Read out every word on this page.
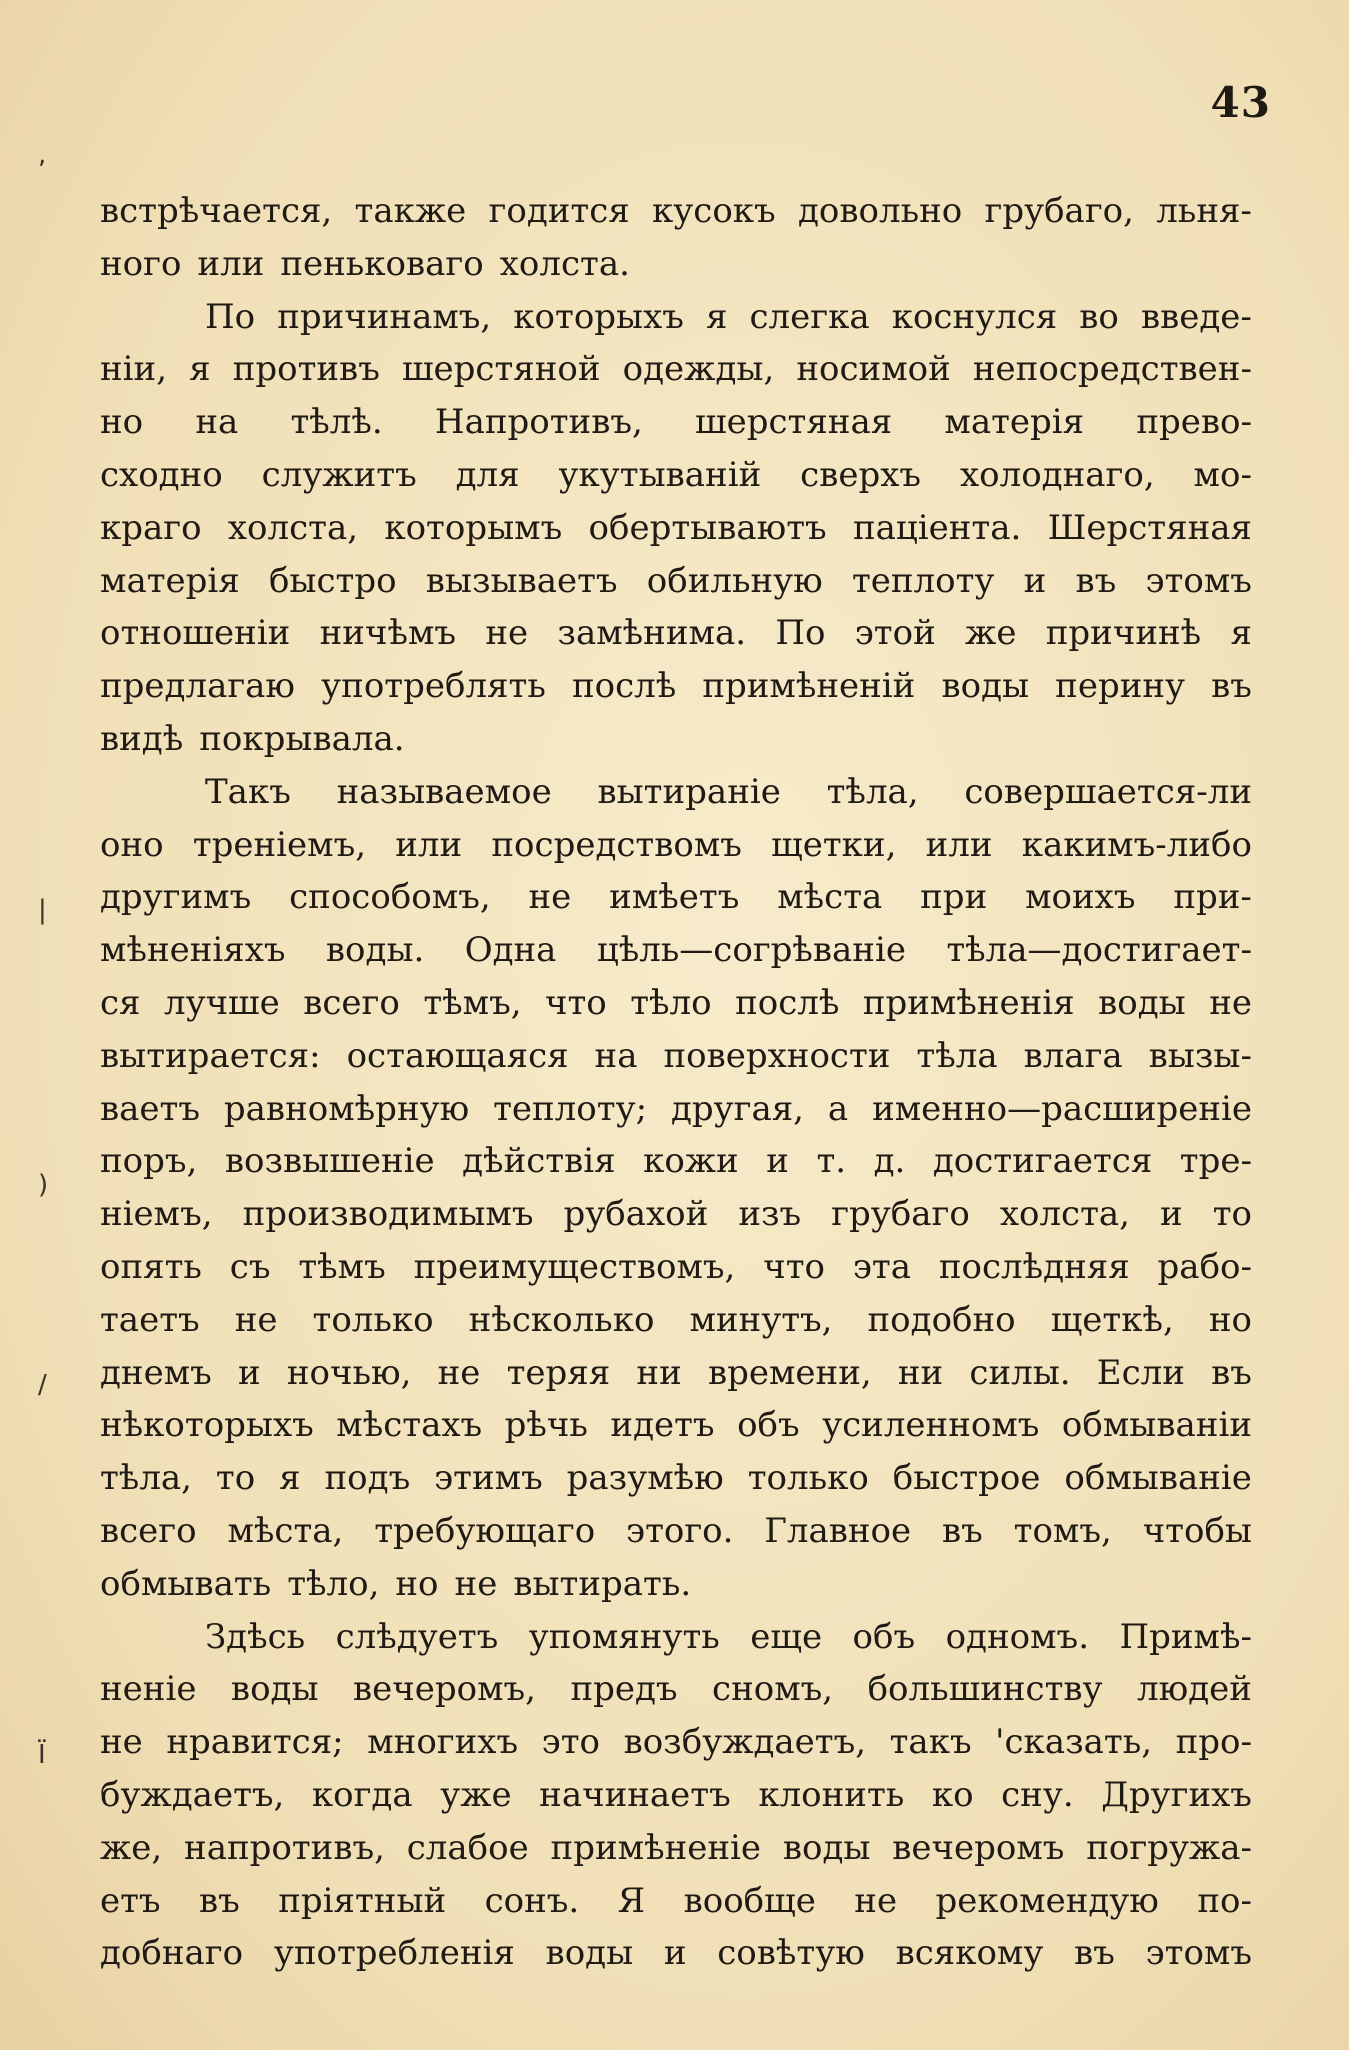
43
,
|
)
/
Ï
встрѣчается, также годится кусокъ довольно грубаго, льня-
ного или пеньковаго холста.
По причинамъ, которыхъ я слегка коснулся во введе-
ніи, я противъ шерстяной одежды, носимой непосредствен-
но на тѣлѣ. Напротивъ, шерстяная матерія прево-
сходно служитъ для укутываній сверхъ холоднаго, мо-
краго холста, которымъ обертываютъ паціента. Шерстяная
матерія быстро вызываетъ обильную теплоту и въ этомъ
отношеніи ничѣмъ не замѣнима. По этой же причинѣ я
предлагаю употреблять послѣ примѣненій воды перину въ
видѣ покрывала.
Такъ называемое вытираніе тѣла, совершается-ли
оно треніемъ, или посредствомъ щетки, или какимъ-либо
другимъ способомъ, не имѣетъ мѣста при моихъ при-
мѣненіяхъ воды. Одна цѣль—согрѣваніе тѣла—достигает-
ся лучше всего тѣмъ, что тѣло послѣ примѣненія воды не
вытирается: остающаяся на поверхности тѣла влага вызы-
ваетъ равномѣрную теплоту; другая, а именно—расширеніе
поръ, возвышеніе дѣйствія кожи и т. д. достигается тре-
ніемъ, производимымъ рубахой изъ грубаго холста, и то
опять съ тѣмъ преимуществомъ, что эта послѣдняя рабо-
таетъ не только нѣсколько минутъ, подобно щеткѣ, но
днемъ и ночью, не теряя ни времени, ни силы. Если въ
нѣкоторыхъ мѣстахъ рѣчь идетъ объ усиленномъ обмываніи
тѣла, то я подъ этимъ разумѣю только быстрое обмываніе
всего мѣста, требующаго этого. Главное въ томъ, чтобы
обмывать тѣло, но не вытирать.
Здѣсь слѣдуетъ упомянуть еще объ одномъ. Примѣ-
неніе воды вечеромъ, предъ сномъ, большинству людей
не нравится; многихъ это возбуждаетъ, такъ 'сказать, про-
буждаетъ, когда уже начинаетъ клонить ко сну. Другихъ
же, напротивъ, слабое примѣненіе воды вечеромъ погружа-
етъ въ пріятный сонъ. Я вообще не рекомендую по-
добнаго употребленія воды и совѣтую всякому въ этомъ
